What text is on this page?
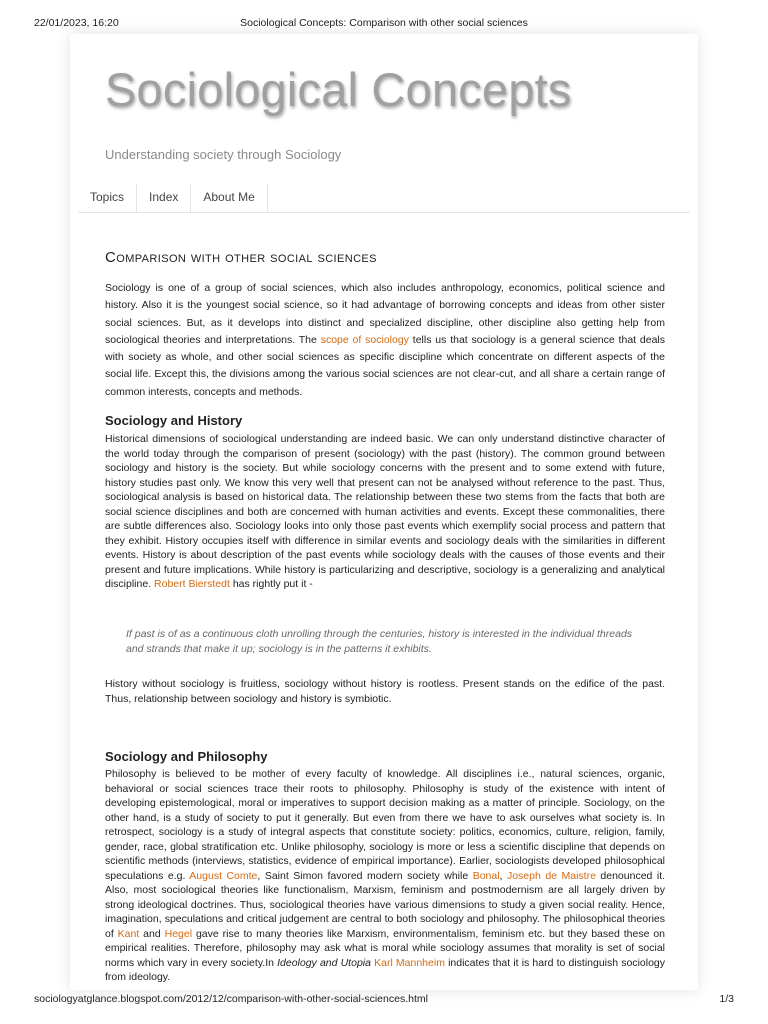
22/01/2023, 16:20	Sociological Concepts: Comparison with other social sciences
Sociological Concepts
Understanding society through Sociology
Topics	Index	About Me
Comparison with other social sciences

Sociology is one of a group of social sciences, which also includes anthropology, economics, political science and history. Also it is the youngest social science, so it had advantage of borrowing concepts and ideas from other sister social sciences. But, as it develops into distinct and specialized discipline, other discipline also getting help from sociological theories and interpretations. The scope of sociology tells us that sociology is a general science that deals with society as whole, and other social sciences as specific discipline which concentrate on different aspects of the social life. Except this, the divisions among the various social sciences are not clear-cut, and all share a certain range of common interests, concepts and methods.

Sociology and History

Historical dimensions of sociological understanding are indeed basic. We can only understand distinctive character of the world today through the comparison of present (sociology) with the past (history). The common ground between sociology and history is the society. But while sociology concerns with the present and to some extend with future, history studies past only. We know this very well that present can not be analysed without reference to the past. Thus, sociological analysis is based on historical data. The relationship between these two stems from the facts that both are social science disciplines and both are concerned with human activities and events. Except these commonalities, there are subtle differences also. Sociology looks into only those past events which exemplify social process and pattern that they exhibit. History occupies itself with difference in similar events and sociology deals with the similarities in different events. History is about description of the past events while sociology deals with the causes of those events and their present and future implications. While history is particularizing and descriptive, sociology is a generalizing and analytical discipline. Robert Bierstedt has rightly put it -

If past is of as a continuous cloth unrolling through the centuries, history is interested in the individual threads and strands that make it up; sociology is in the patterns it exhibits.

History without sociology is fruitless, sociology without history is rootless. Present stands on the edifice of the past. Thus, relationship between sociology and history is symbiotic.

Sociology and Philosophy

Philosophy is believed to be mother of every faculty of knowledge. All disciplines i.e., natural sciences, organic, behavioral or social sciences trace their roots to philosophy. Philosophy is study of the existence with intent of developing epistemological, moral or imperatives to support decision making as a matter of principle. Sociology, on the other hand, is a study of society to put it generally. But even from there we have to ask ourselves what society is. In retrospect, sociology is a study of integral aspects that constitute society: politics, economics, culture, religion, family, gender, race, global stratification etc. Unlike philosophy, sociology is more or less a scientific discipline that depends on scientific methods (interviews, statistics, evidence of empirical importance). Earlier, sociologists developed philosophical speculations e.g. August Comte, Saint Simon favored modern society while Bonal, Joseph de Maistre denounced it. Also, most sociological theories like functionalism, Marxism, feminism and postmodernism are all largely driven by strong ideological doctrines. Thus, sociological theories have various dimensions to study a given social reality. Hence, imagination, speculations and critical judgement are central to both sociology and philosophy. The philosophical theories of Kant and Hegel gave rise to many theories like Marxism, environmentalism, feminism etc. but they based these on empirical realities. Therefore, philosophy may ask what is moral while sociology assumes that morality is set of social norms which vary in every society.In Ideology and Utopia Karl Mannheim indicates that it is hard to distinguish sociology from ideology.

sociologyatglance.blogspot.com/2012/12/comparison-with-other-social-sciences.html	1/3
